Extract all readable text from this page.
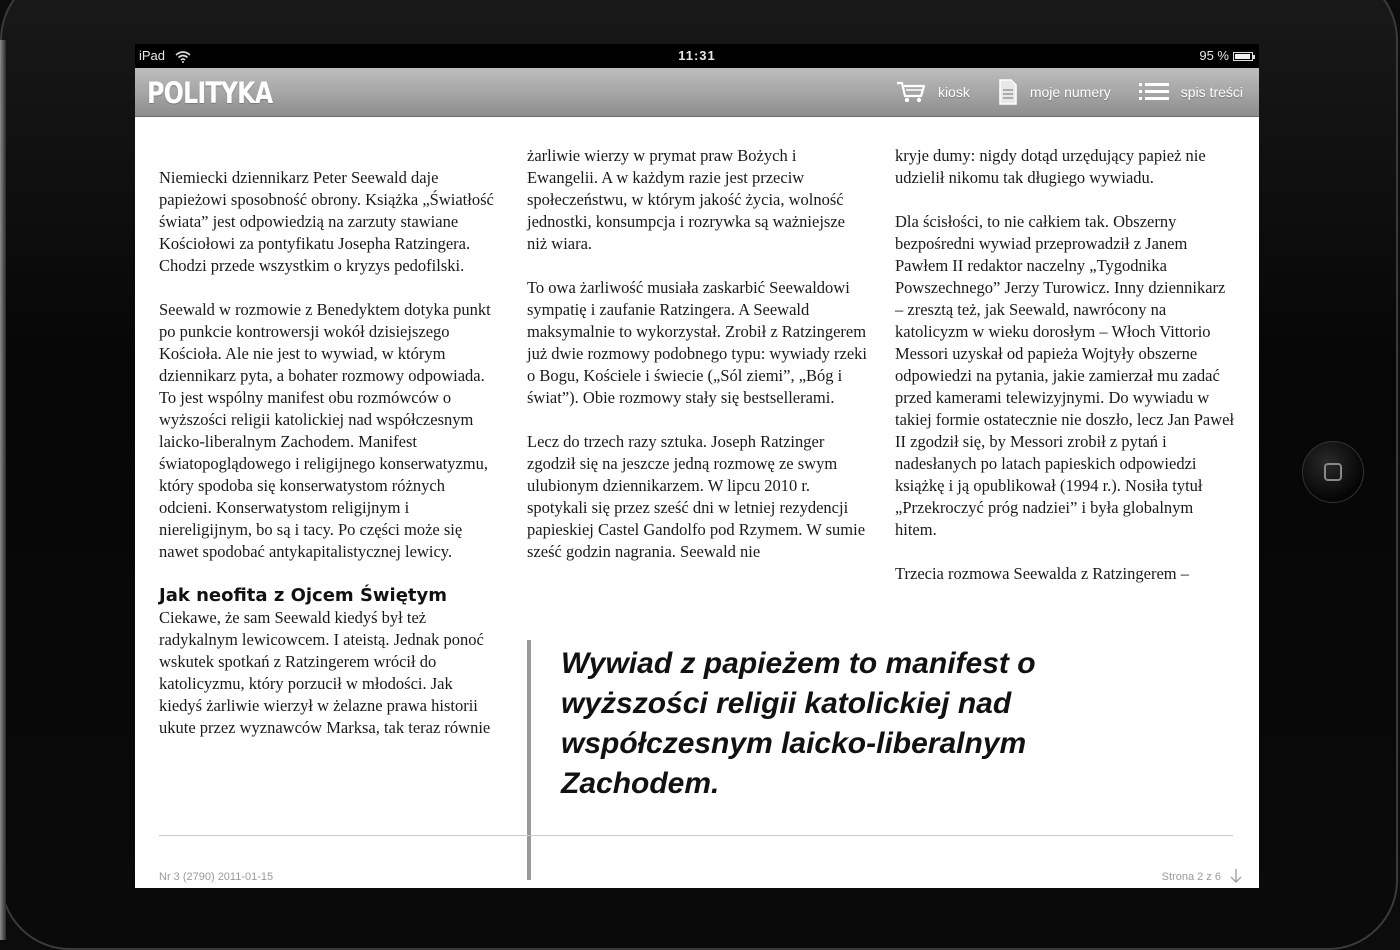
iPad	11:31	95 %
POLITYKA	kiosk	moje numery	spis treści

Niemiecki dziennikarz Peter Seewald daje papieżowi sposobność obrony. Książka „Światłość świata” jest odpowiedzią na zarzuty stawiane Kościołowi za pontyfikatu Josepha Ratzingera. Chodzi przede wszystkim o kryzys pedofilski.

Seewald w rozmowie z Benedyktem dotyka punkt po punkcie kontrowersji wokół dzisiejszego Kościoła. Ale nie jest to wywiad, w którym dziennikarz pyta, a bohater rozmowy odpowiada. To jest wspólny manifest obu rozmówców o wyższości religii katolickiej nad współczesnym laicko-liberalnym Zachodem. Manifest światopoglądowego i religijnego konserwatyzmu, który spodoba się konserwatystom różnych odcieni. Konserwatystom religijnym i niereligijnym, bo są i tacy. Po części może się nawet spodobać antykapitalistycznej lewicy.

Jak neofita z Ojcem Świętym

Ciekawe, że sam Seewald kiedyś był też radykalnym lewicowcem. I ateistą. Jednak ponoć wskutek spotkań z Ratzingerem wrócił do katolicyzmu, który porzucił w młodości. Jak kiedyś żarliwie wierzył w żelazne prawa historii ukute przez wyznawców Marksa, tak teraz równie

żarliwie wierzy w prymat praw Bożych i Ewangelii. A w każdym razie jest przeciw społeczeństwu, w którym jakość życia, wolność jednostki, konsumpcja i rozrywka są ważniejsze niż wiara.

To owa żarliwość musiała zaskarbić Seewaldowi sympatię i zaufanie Ratzingera. A Seewald maksymalnie to wykorzystał. Zrobił z Ratzingerem już dwie rozmowy podobnego typu: wywiady rzeki o Bogu, Kościele i świecie („Sól ziemi”, „Bóg i świat”). Obie rozmowy stały się bestsellerami.

Lecz do trzech razy sztuka. Joseph Ratzinger zgodził się na jeszcze jedną rozmowę ze swym ulubionym dziennikarzem. W lipcu 2010 r. spotykali się przez sześć dni w letniej rezydencji papieskiej Castel Gandolfo pod Rzymem. W sumie sześć godzin nagrania. Seewald nie

kryje dumy: nigdy dotąd urzędujący papież nie udzielił nikomu tak długiego wywiadu.

Dla ścisłości, to nie całkiem tak. Obszerny bezpośredni wywiad przeprowadził z Janem Pawłem II redaktor naczelny „Tygodnika Powszechnego” Jerzy Turowicz. Inny dziennikarz – zresztą też, jak Seewald, nawrócony na katolicyzm w wieku dorosłym – Włoch Vittorio Messori uzyskał od papieża Wojtyły obszerne odpowiedzi na pytania, jakie zamierzał mu zadać przed kamerami telewizyjnymi. Do wywiadu w takiej formie ostatecznie nie doszło, lecz Jan Paweł II zgodził się, by Messori zrobił z pytań i nadesłanych po latach papieskich odpowiedzi książkę i ją opublikował (1994 r.). Nosiła tytuł „Przekroczyć próg nadziei” i była globalnym hitem.

Trzecia rozmowa Seewalda z Ratzingerem –

Wywiad z papieżem to manifest o wyższości religii katolickiej nad współczesnym laicko-liberalnym Zachodem.
Nr 3 (2790) 2011-01-15	Strona 2 z 6
